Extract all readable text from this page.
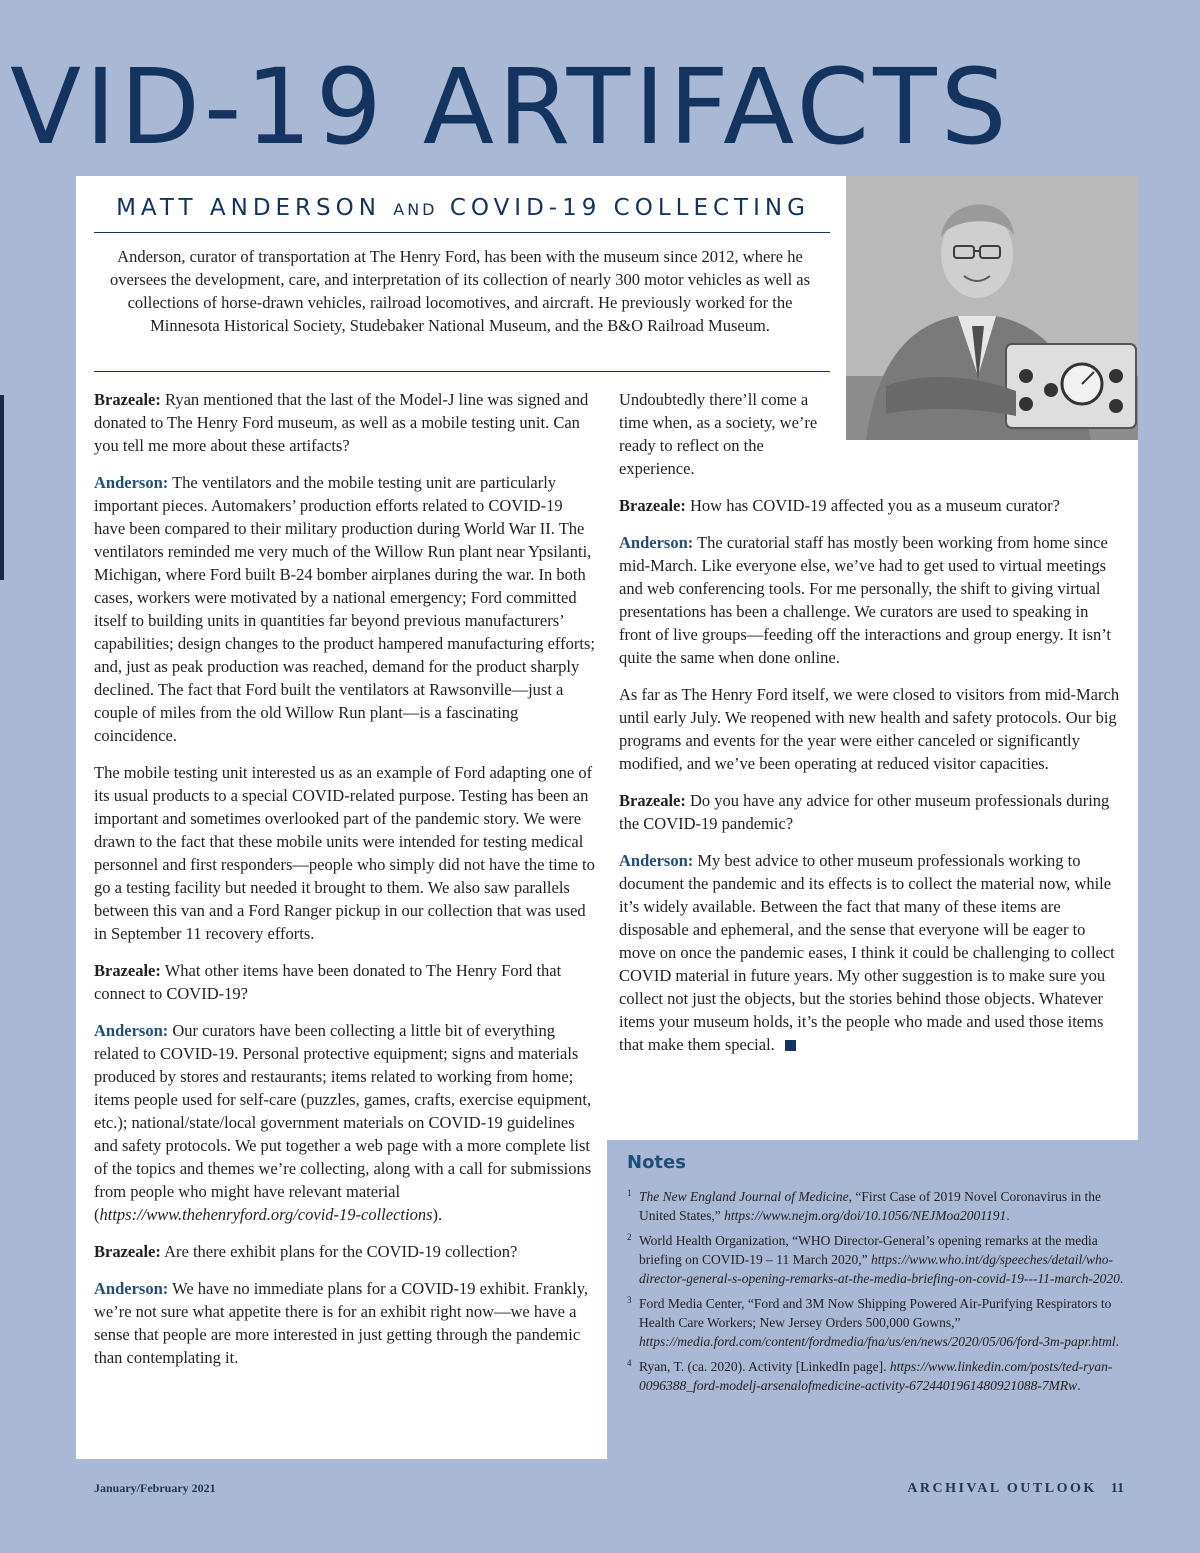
VID-19 ARTIFACTS
MATT ANDERSON AND COVID-19 COLLECTING

Anderson, curator of transportation at The Henry Ford, has been with the museum since 2012, where he oversees the development, care, and interpretation of its collection of nearly 300 motor vehicles as well as collections of horse-drawn vehicles, railroad locomotives, and aircraft. He previously worked for the Minnesota Historical Society, Studebaker National Museum, and the B&O Railroad Museum.

Brazeale: Ryan mentioned that the last of the Model-J line was signed and donated to The Henry Ford museum, as well as a mobile testing unit. Can you tell me more about these artifacts?

Anderson: The ventilators and the mobile testing unit are particularly important pieces. Automakers’ production efforts related to COVID-19 have been compared to their military production during World War II. The ventilators reminded me very much of the Willow Run plant near Ypsilanti, Michigan, where Ford built B-24 bomber airplanes during the war. In both cases, workers were motivated by a national emergency; Ford committed itself to building units in quantities far beyond previous manufacturers’ capabilities; design changes to the product hampered manufacturing efforts; and, just as peak production was reached, demand for the product sharply declined. The fact that Ford built the ventilators at Rawsonville—just a couple of miles from the old Willow Run plant—is a fascinating coincidence.

The mobile testing unit interested us as an example of Ford adapting one of its usual products to a special COVID-related purpose. Testing has been an important and sometimes overlooked part of the pandemic story. We were drawn to the fact that these mobile units were intended for testing medical personnel and first responders—people who simply did not have the time to go a testing facility but needed it brought to them. We also saw parallels between this van and a Ford Ranger pickup in our collection that was used in September 11 recovery efforts.

Brazeale: What other items have been donated to The Henry Ford that connect to COVID-19?

Anderson: Our curators have been collecting a little bit of everything related to COVID-19. Personal protective equipment; signs and materials produced by stores and restaurants; items related to working from home; items people used for self-care (puzzles, games, crafts, exercise equipment, etc.); national/state/local government materials on COVID-19 guidelines and safety protocols. We put together a web page with a more complete list of the topics and themes we’re collecting, along with a call for submissions from people who might have relevant material (https://www.thehenryford.org/covid-19-collections).

Brazeale: Are there exhibit plans for the COVID-19 collection?

Anderson: We have no immediate plans for a COVID-19 exhibit. Frankly, we’re not sure what appetite there is for an exhibit right now—we have a sense that people are more interested in just getting through the pandemic than contemplating it.

Undoubtedly there’ll come a time when, as a society, we’re ready to reflect on the experience.

Brazeale: How has COVID-19 affected you as a museum curator?

Anderson: The curatorial staff has mostly been working from home since mid-March. Like everyone else, we’ve had to get used to virtual meetings and web conferencing tools. For me personally, the shift to giving virtual presentations has been a challenge. We curators are used to speaking in front of live groups—feeding off the interactions and group energy. It isn’t quite the same when done online.

As far as The Henry Ford itself, we were closed to visitors from mid-March until early July. We reopened with new health and safety protocols. Our big programs and events for the year were either canceled or significantly modified, and we’ve been operating at reduced visitor capacities.

Brazeale: Do you have any advice for other museum professionals during the COVID-19 pandemic?

Anderson: My best advice to other museum professionals working to document the pandemic and its effects is to collect the material now, while it’s widely available. Between the fact that many of these items are disposable and ephemeral, and the sense that everyone will be eager to move on once the pandemic eases, I think it could be challenging to collect COVID material in future years. My other suggestion is to make sure you collect not just the objects, but the stories behind those objects. Whatever items your museum holds, it’s the people who made and used those items that make them special.

Notes
1 The New England Journal of Medicine, “First Case of 2019 Novel Coronavirus in the United States,” https://www.nejm.org/doi/10.1056/NEJMoa2001191.
2 World Health Organization, “WHO Director-General’s opening remarks at the media briefing on COVID-19 – 11 March 2020,” https://www.who.int/dg/speeches/detail/who-director-general-s-opening-remarks-at-the-media-briefing-on-covid-19---11-march-2020.
3 Ford Media Center, “Ford and 3M Now Shipping Powered Air-Purifying Respirators to Health Care Workers; New Jersey Orders 500,000 Gowns,” https://media.ford.com/content/fordmedia/fna/us/en/news/2020/05/06/ford-3m-papr.html.
4 Ryan, T. (ca. 2020). Activity [LinkedIn page]. https://www.linkedin.com/posts/ted-ryan-0096388_ford-modelj-arsenalofmedicine-activity-6724401961480921088-7MRw.
January/February 2021	ARCHIVAL OUTLOOK 11
